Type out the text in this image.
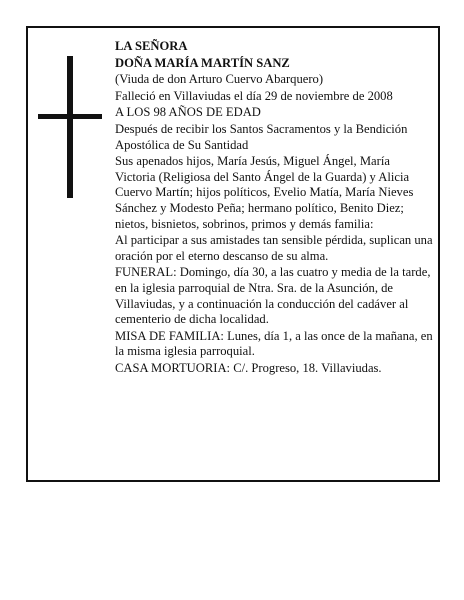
LA SEÑORA

DOÑA MARÍA MARTÍN SANZ

(Viuda de don Arturo Cuervo Abarquero)

Falleció en Villaviudas el día 29 de noviembre de 2008

A LOS 98 AÑOS DE EDAD

Después de recibir los Santos Sacramentos y la Bendición Apostólica de Su Santidad

Sus apenados hijos, María Jesús, Miguel Ángel, María Victoria (Religiosa del Santo Ángel de la Guarda) y Alicia Cuervo Martín; hijos políticos, Evelio Matía, María Nieves Sánchez y Modesto Peña; hermano político, Benito Diez; nietos, bisnietos, sobrinos, primos y demás familia:

Al participar a sus amistades tan sensible pérdida, suplican una oración por el eterno descanso de su alma.

FUNERAL: Domingo, día 30, a las cuatro y media de la tarde, en la iglesia parroquial de Ntra. Sra. de la Asunción, de Villaviudas, y a continuación la conducción del cadáver al cementerio de dicha localidad.

MISA DE FAMILIA: Lunes, día 1, a las once de la mañana, en la misma iglesia parroquial.

CASA MORTUORIA: C/. Progreso, 18. Villaviudas.
